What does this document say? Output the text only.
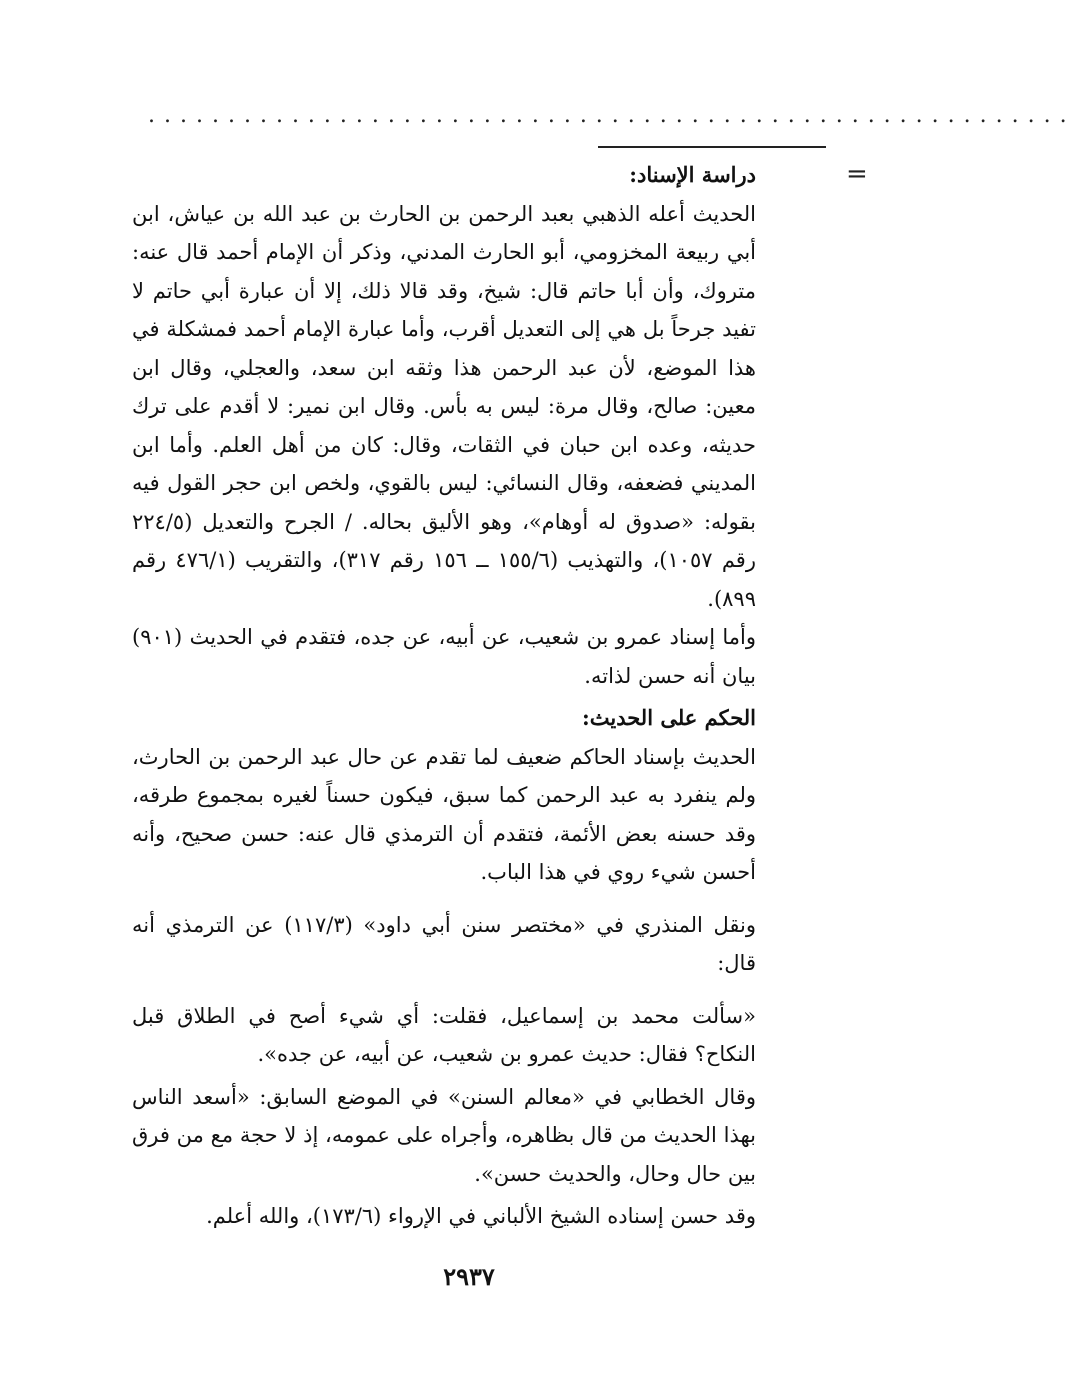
..........................................................
=

دراسة الإسناد:

الحديث أعله الذهبي بعبد الرحمن بن الحارث بن عبد الله بن عياش، ابن أبي ربيعة المخزومي، أبو الحارث المدني، وذكر أن الإمام أحمد قال عنه: متروك، وأن أبا حاتم قال: شيخ، وقد قالا ذلك، إلا أن عبارة أبي حاتم لا تفيد جرحاً بل هي إلى التعديل أقرب، وأما عبارة الإمام أحمد فمشكلة في هذا الموضع، لأن عبد الرحمن هذا وثقه ابن سعد، والعجلي، وقال ابن معين: صالح، وقال مرة: ليس به بأس. وقال ابن نمير: لا أقدم على ترك حديثه، وعده ابن حبان في الثقات، وقال: كان من أهل العلم. وأما ابن المديني فضعفه، وقال النسائي: ليس بالقوي، ولخص ابن حجر القول فيه بقوله: «صدوق له أوهام»، وهو الأليق بحاله. / الجرح والتعديل (٢٢٤/٥ رقم ١٠٥٧)، والتهذيب (١٥٥/٦ ــ ١٥٦ رقم ٣١٧)، والتقريب (٤٧٦/١ رقم ٨٩٩).

وأما إسناد عمرو بن شعيب، عن أبيه، عن جده، فتقدم في الحديث (٩٠١) بيان أنه حسن لذاته.

الحكم على الحديث:

الحديث بإسناد الحاكم ضعيف لما تقدم عن حال عبد الرحمن بن الحارث، ولم ينفرد به عبد الرحمن كما سبق، فيكون حسناً لغيره بمجموع طرقه، وقد حسنه بعض الأئمة، فتقدم أن الترمذي قال عنه: حسن صحيح، وأنه أحسن شيء روي في هذا الباب.

ونقل المنذري في «مختصر سنن أبي داود» (١١٧/٣) عن الترمذي أنه قال:

«سألت محمد بن إسماعيل، فقلت: أي شيء أصح في الطلاق قبل النكاح؟ فقال: حديث عمرو بن شعيب، عن أبيه، عن جده».

وقال الخطابي في «معالم السنن» في الموضع السابق: «أسعد الناس بهذا الحديث من قال بظاهره، وأجراه على عمومه، إذ لا حجة مع من فرق بين حال وحال، والحديث حسن».

وقد حسن إسناده الشيخ الألباني في الإرواء (١٧٣/٦)، والله أعلم.

٢٩٣٧
